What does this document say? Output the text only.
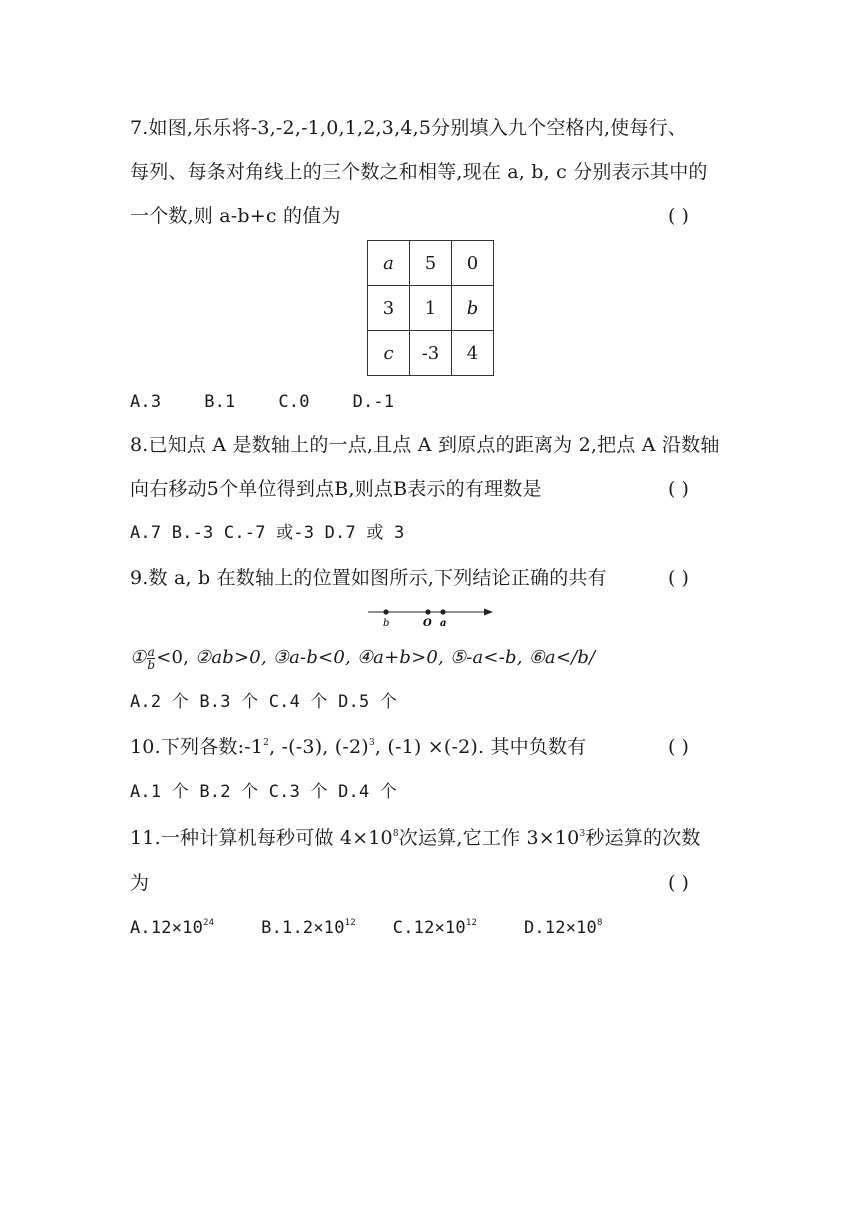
7.如图,乐乐将-3,-2,-1,0,1,2,3,4,5分别填入九个空格内,使每行、
每列、每条对角线上的三个数之和相等,现在 a, b, c 分别表示其中的
一个数,则 a-b+c 的值为	( )
a	5	0
3	1	b
c	-3	4
A.3	B.1	C.0	D.-1
8.已知点 A 是数轴上的一点,且点 A 到原点的距离为 2,把点 A 沿数轴
向右移动5个单位得到点B,则点B表示的有理数是	( )
A.7 B.-3 C.-7 或-3 D.7 或 3
9.数 a, b 在数轴上的位置如图所示,下列结论正确的共有	( )
b	O a
① $\frac{a}{b} <0$, ②ab>0, ③a-b<0, ④a+b>0, ⑤-a<-b, ⑥a</b/
A.2 个 B.3 个 C.4 个 D.5 个
10.下列各数$:-1^2$, -(-3), $(-2)^3$, (-1) ×(-2). 其中负数有	( )
A.1 个 B.2 个 C.3 个 D.4 个
11.一种计算机每秒可做 $4\times 10^8$次运算,它工作 $3\times 10^3$秒运算的次数
为	( )
$A.12\times 10^{24}$	$B.1.2\times 10^{12}$ $C.12\times 10^{12}$	$D.12\times 10^8$
